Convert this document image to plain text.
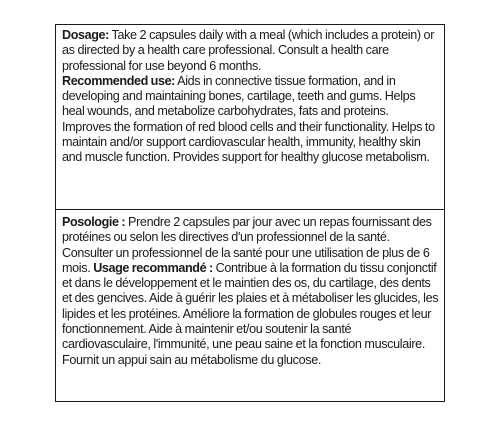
Dosage: Take 2 capsules daily with a meal (which includes a protein) or as directed by a health care professional. Consult a health care professional for use beyond 6 months.

Recommended use: Aids in connective tissue formation, and in developing and maintaining bones, cartilage, teeth and gums. Helps heal wounds, and metabolize carbohydrates, fats and proteins. Improves the formation of red blood cells and their functionality. Helps to maintain and/or support cardiovascular health, immunity, healthy skin and muscle function. Provides support for healthy glucose metabolism.

Posologie : Prendre 2 capsules par jour avec un repas fournissant des protéines ou selon les directives d'un professionnel de la santé. Consulter un professionnel de la santé pour une utilisation de plus de 6 mois. Usage recommandé : Contribue à la formation du tissu conjonctif et dans le développement et le maintien des os, du cartilage, des dents et des gencives. Aide à guérir les plaies et à métaboliser les glucides, les lipides et les protéines. Améliore la formation de globules rouges et leur fonctionnement. Aide à maintenir et/ou soutenir la santé cardiovasculaire, l'immunité, une peau saine et la fonction musculaire. Fournit un appui sain au métabolisme du glucose.
